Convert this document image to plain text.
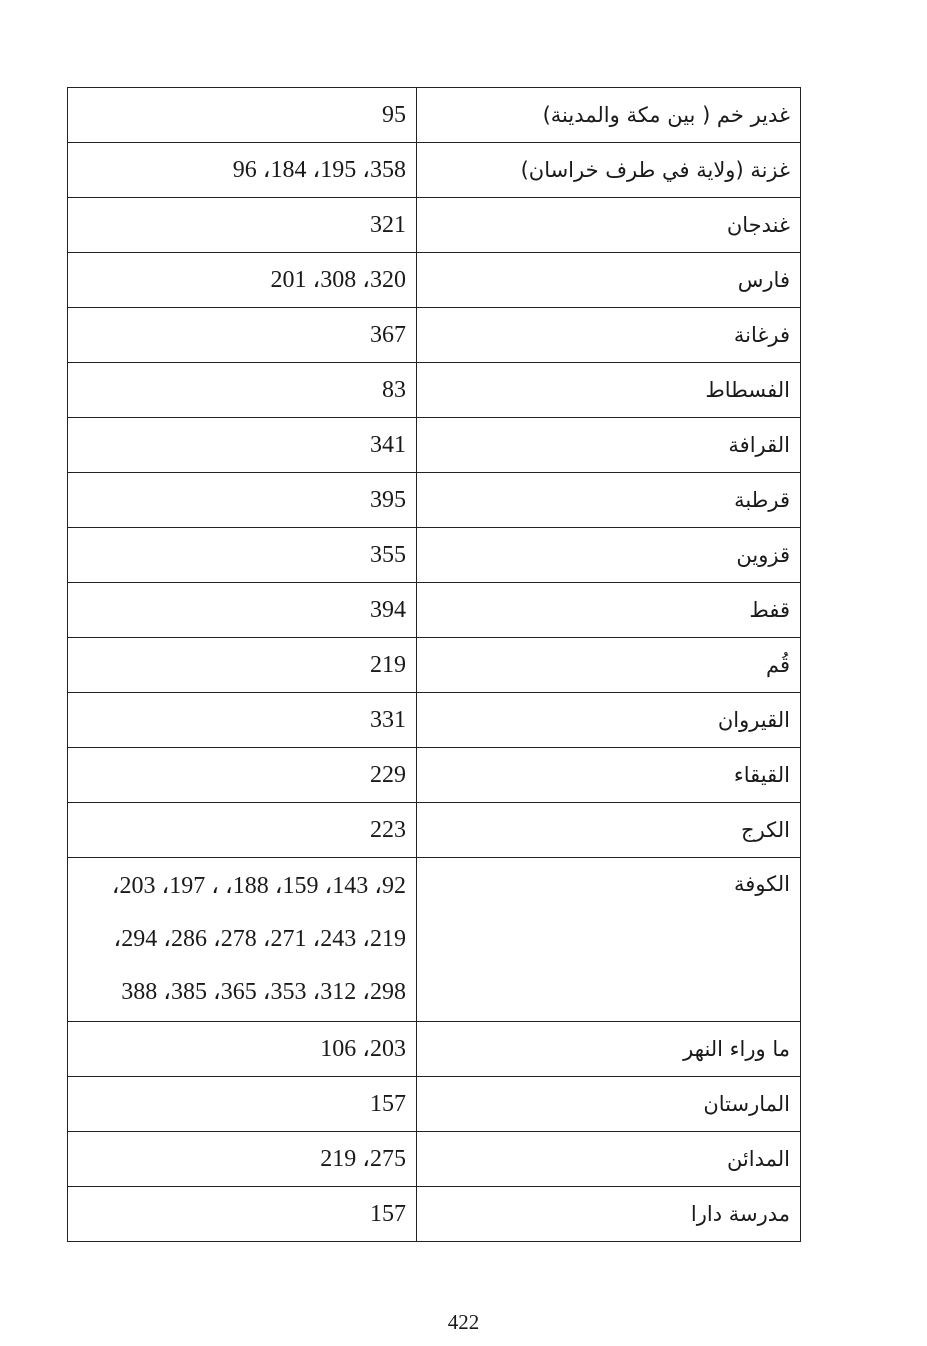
95	غدير خم ( بين مكة والمدينة)

358، 195، 184، 96	غزنة (ولاية في طرف خراسان)

321	غندجان

320، 308، 201	فارس

367	فرغانة

83	الفسطاط

341	القرافة

395	قرطبة

355	قزوين

394	قفط

219	قُم

331	القيروان

229	القيقاء

223	الكرج

92، 143، 159، 188، ، 197، 203،
219، 243، 271، 278، 286، 294،
298، 312، 353، 365، 385، 388	الكوفة

203، 106	ما وراء النهر

157	المارستان

275، 219	المدائن

157	مدرسة دارا
422
